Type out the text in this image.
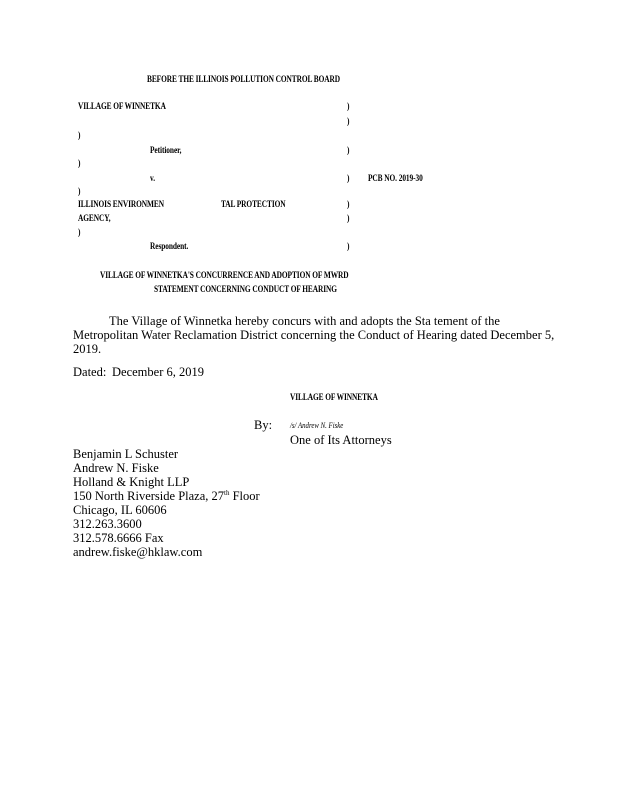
BEFORE THE ILLINOIS POLLUTION CONTROL BOARD
VILLAGE OF WINNETKA	)
)
)
Petitioner,	)
)
v.	) PCB NO. 2019-30
)
ILLINOIS ENVIRONMEN	TAL PROTECTION	)
AGENCY,	)
)
Respondent.	)
VILLAGE OF WINNETKA'S CONCURRENCE AND ADOPTION OF MWRD
STATEMENT CONCERNING CONDUCT OF HEARING
The Village of Winnetka hereby concurs with and adopts the Sta tement of the
Metropolitan Water Reclamation District concerning the Conduct of Hearing dated December 5,
2019.
Dated: December 6, 2019
VILLAGE OF WINNETKA
By: /s/ Andrew N. Fiske
One of Its Attorneys
Benjamin L Schuster
Andrew N. Fiske
Holland & Knight LLP
150 North Riverside Plaza, 27th Floor
Chicago, IL 60606
312.263.3600
312.578.6666 Fax
andrew.fiske@hklaw.com
